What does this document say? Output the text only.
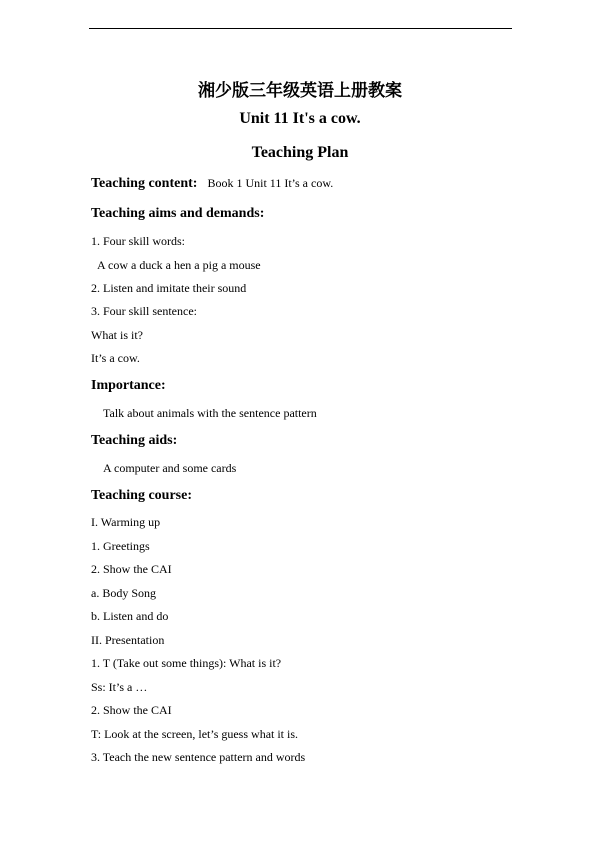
湘少版三年级英语上册教案
Unit 11 It's a cow.
Teaching Plan
Teaching content: Book 1 Unit 11 It’s a cow.
Teaching aims and demands:
1. Four skill words:
A cow a duck a hen a pig a mouse
2. Listen and imitate their sound
3. Four skill sentence:
What is it?
It’s a cow.
Importance:
Talk about animals with the sentence pattern
Teaching aids:
A computer and some cards
Teaching course:
I. Warming up
1. Greetings
2. Show the CAI
a. Body Song
b. Listen and do
II. Presentation
1. T (Take out some things): What is it?
Ss: It’s a …
2. Show the CAI
T: Look at the screen, let’s guess what it is.
3. Teach the new sentence pattern and words
